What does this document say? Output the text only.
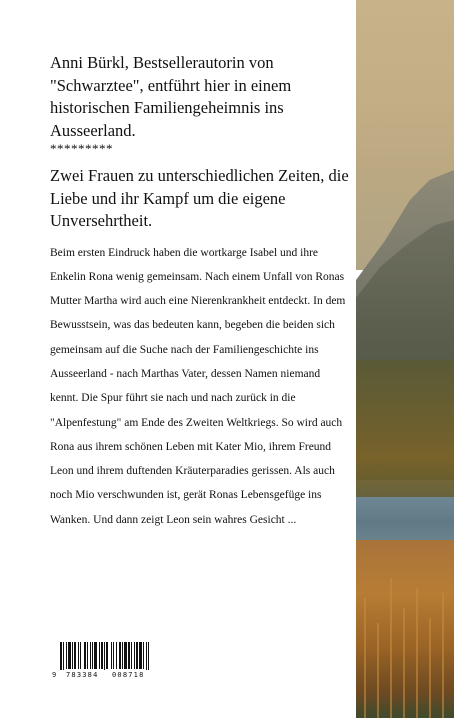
Anni Bürkl, Bestsellerautorin von "Schwarztee", entführt hier in einem historischen Familiengeheimnis ins Ausseerland.

*********

Zwei Frauen zu unterschiedlichen Zeiten, die Liebe und ihr Kampf um die eigene Unversehrtheit.

Beim ersten Eindruck haben die wortkarge Isabel und ihre Enkelin Rona wenig gemeinsam. Nach einem Unfall von Ronas Mutter Martha wird auch eine Nierenkrankheit entdeckt. In dem Bewusstsein, was das bedeuten kann, begeben die beiden sich gemeinsam auf die Suche nach der Familiengeschichte ins Ausseerland - nach Marthas Vater, dessen Namen niemand kennt. Die Spur führt sie nach und nach zurück in die "Alpenfestung" am Ende des Zweiten Weltkriegs. So wird auch Rona aus ihrem schönen Leben mit Kater Mio, ihrem Freund Leon und ihrem duftenden Kräuterparadies gerissen. Als auch noch Mio verschwunden ist, gerät Ronas Lebensgefüge ins Wanken. Und dann zeigt Leon sein wahres Gesicht ...

9 783384 008718
